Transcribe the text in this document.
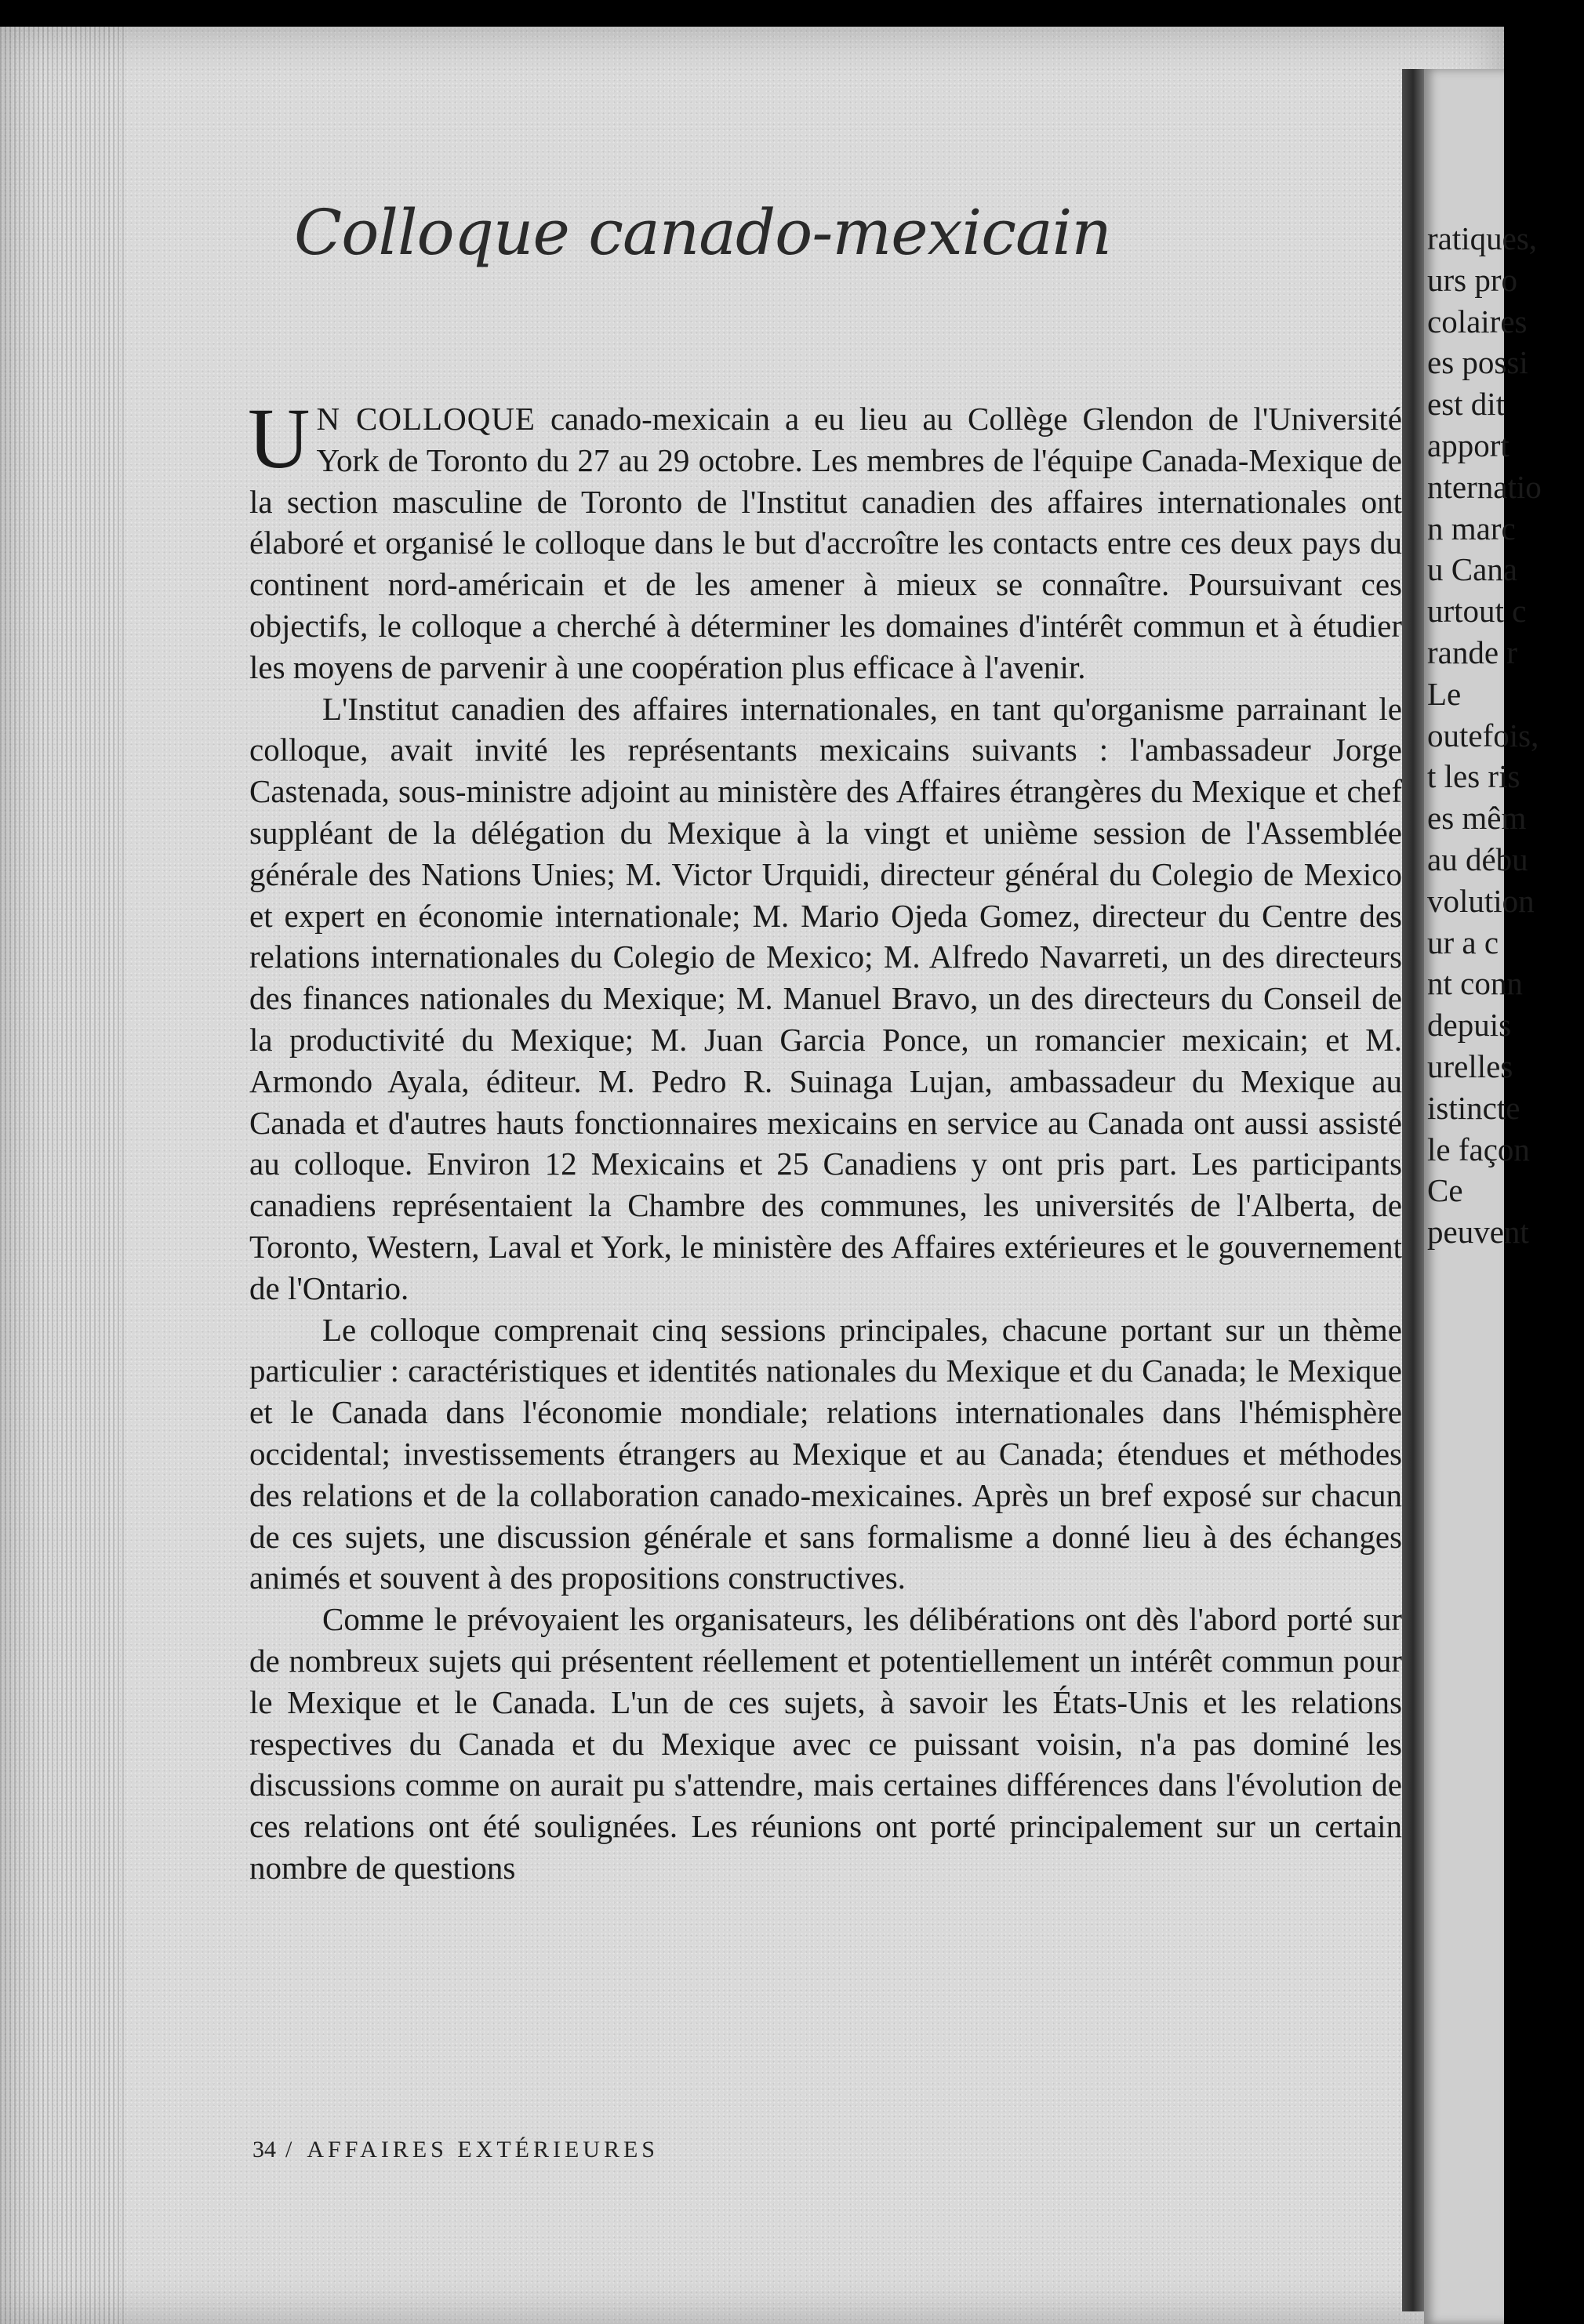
Colloque canado-mexicain

U N COLLOQUE canado-mexicain a eu lieu au Collège Glendon de l'Université York de Toronto du 27 au 29 octobre. Les membres de l'équipe Canada-Mexique de la section masculine de Toronto de l'Institut canadien des affaires internationales ont élaboré et organisé le colloque dans le but d'accroître les contacts entre ces deux pays du continent nord-américain et de les amener à mieux se connaître. Poursuivant ces objectifs, le colloque a cherché à déterminer les domaines d'intérêt commun et à étudier les moyens de parvenir à une coopération plus efficace à l'avenir.

L'Institut canadien des affaires internationales, en tant qu'organisme parrainant le colloque, avait invité les représentants mexicains suivants : l'ambassadeur Jorge Castenada, sous-ministre adjoint au ministère des Affaires étrangères du Mexique et chef suppléant de la délégation du Mexique à la vingt et unième session de l'Assemblée générale des Nations Unies; M. Victor Urquidi, directeur général du Colegio de Mexico et expert en économie internationale; M. Mario Ojeda Gomez, directeur du Centre des relations internationales du Colegio de Mexico; M. Alfredo Navarreti, un des directeurs des finances nationales du Mexique; M. Manuel Bravo, un des directeurs du Conseil de la productivité du Mexique; M. Juan Garcia Ponce, un romancier mexicain; et M. Armondo Ayala, éditeur. M. Pedro R. Suinaga Lujan, ambassadeur du Mexique au Canada et d'autres hauts fonctionnaires mexicains en service au Canada ont aussi assisté au colloque. Environ 12 Mexicains et 25 Canadiens y ont pris part. Les participants canadiens représentaient la Chambre des communes, les universités de l'Alberta, de Toronto, Western, Laval et York, le ministère des Affaires extérieures et le gouvernement de l'Ontario.

Le colloque comprenait cinq sessions principales, chacune portant sur un thème particulier : caractéristiques et identités nationales du Mexique et du Canada; le Mexique et le Canada dans l'économie mondiale; relations internationales dans l'hémisphère occidental; investissements étrangers au Mexique et au Canada; étendues et méthodes des relations et de la collaboration canado-mexicaines. Après un bref exposé sur chacun de ces sujets, une discussion générale et sans formalisme a donné lieu à des échanges animés et souvent à des propositions constructives.

Comme le prévoyaient les organisateurs, les délibérations ont dès l'abord porté sur de nombreux sujets qui présentent réellement et potentiellement un intérêt commun pour le Mexique et le Canada. L'un de ces sujets, à savoir les États-Unis et les relations respectives du Canada et du Mexique avec ce puissant voisin, n'a pas dominé les discussions comme on aurait pu s'attendre, mais certaines différences dans l'évolution de ces relations ont été soulignées. Les réunions ont porté principalement sur un certain nombre de questions

34 / AFFAIRES EXTÉRIEURES
ratiques,
urs pro
colaires
es possi
est dit
apport
nternatio
n marc
u Cana
urtout c
rande r
Le
outefois,
t les ris
es mêm
au débu
volution
ur a c
nt conn
depuis
urelles
istincte
le façon
Ce
peuvent
